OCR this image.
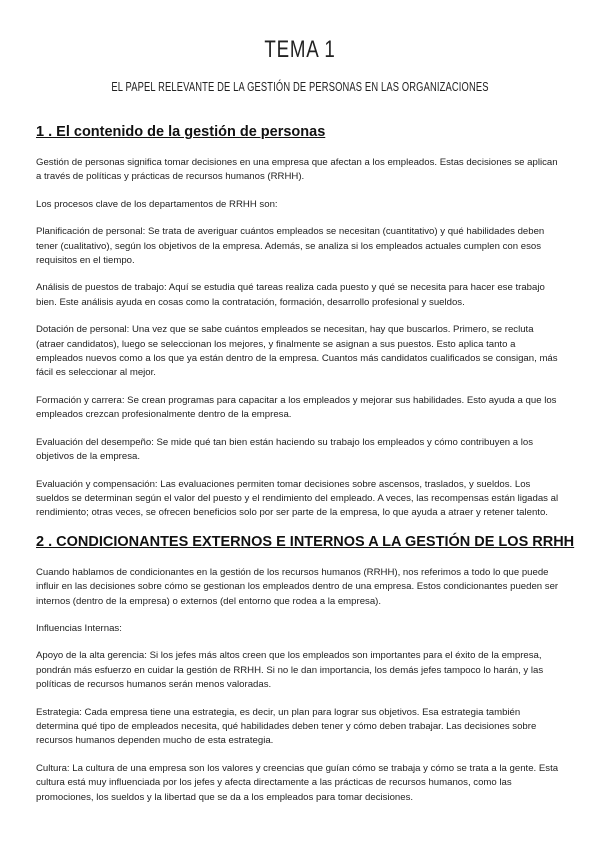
TEMA 1
EL PAPEL RELEVANTE DE LA GESTIÓN DE PERSONAS EN LAS ORGANIZACIONES
1 . El contenido de la gestión de personas

Gestión de personas significa tomar decisiones en una empresa que afectan a los empleados. Estas decisiones se aplican a través de políticas y prácticas de recursos humanos (RRHH).

Los procesos clave de los departamentos de RRHH son:

Planificación de personal: Se trata de averiguar cuántos empleados se necesitan (cuantitativo) y qué habilidades deben tener (cualitativo), según los objetivos de la empresa. Además, se analiza si los empleados actuales cumplen con esos requisitos en el tiempo.

Análisis de puestos de trabajo: Aquí se estudia qué tareas realiza cada puesto y qué se necesita para hacer ese trabajo bien. Este análisis ayuda en cosas como la contratación, formación, desarrollo profesional y sueldos.

Dotación de personal: Una vez que se sabe cuántos empleados se necesitan, hay que buscarlos. Primero, se recluta (atraer candidatos), luego se seleccionan los mejores, y finalmente se asignan a sus puestos. Esto aplica tanto a empleados nuevos como a los que ya están dentro de la empresa. Cuantos más candidatos cualificados se consigan, más fácil es seleccionar al mejor.

Formación y carrera: Se crean programas para capacitar a los empleados y mejorar sus habilidades. Esto ayuda a que los empleados crezcan profesionalmente dentro de la empresa.

Evaluación del desempeño: Se mide qué tan bien están haciendo su trabajo los empleados y cómo contribuyen a los objetivos de la empresa.

Evaluación y compensación: Las evaluaciones permiten tomar decisiones sobre ascensos, traslados, y sueldos. Los sueldos se determinan según el valor del puesto y el rendimiento del empleado. A veces, las recompensas están ligadas al rendimiento; otras veces, se ofrecen beneficios solo por ser parte de la empresa, lo que ayuda a atraer y retener talento.

2 . CONDICIONANTES EXTERNOS E INTERNOS A LA GESTIÓN DE LOS RRHH

Cuando hablamos de condicionantes en la gestión de los recursos humanos (RRHH), nos referimos a todo lo que puede influir en las decisiones sobre cómo se gestionan los empleados dentro de una empresa. Estos condicionantes pueden ser internos (dentro de la empresa) o externos (del entorno que rodea a la empresa).

Influencias Internas:

Apoyo de la alta gerencia: Si los jefes más altos creen que los empleados son importantes para el éxito de la empresa, pondrán más esfuerzo en cuidar la gestión de RRHH. Si no le dan importancia, los demás jefes tampoco lo harán, y las políticas de recursos humanos serán menos valoradas.

Estrategia: Cada empresa tiene una estrategia, es decir, un plan para lograr sus objetivos. Esa estrategia también determina qué tipo de empleados necesita, qué habilidades deben tener y cómo deben trabajar. Las decisiones sobre recursos humanos dependen mucho de esta estrategia.

Cultura: La cultura de una empresa son los valores y creencias que guían cómo se trabaja y cómo se trata a la gente. Esta cultura está muy influenciada por los jefes y afecta directamente a las prácticas de recursos humanos, como las promociones, los sueldos y la libertad que se da a los empleados para tomar decisiones.
